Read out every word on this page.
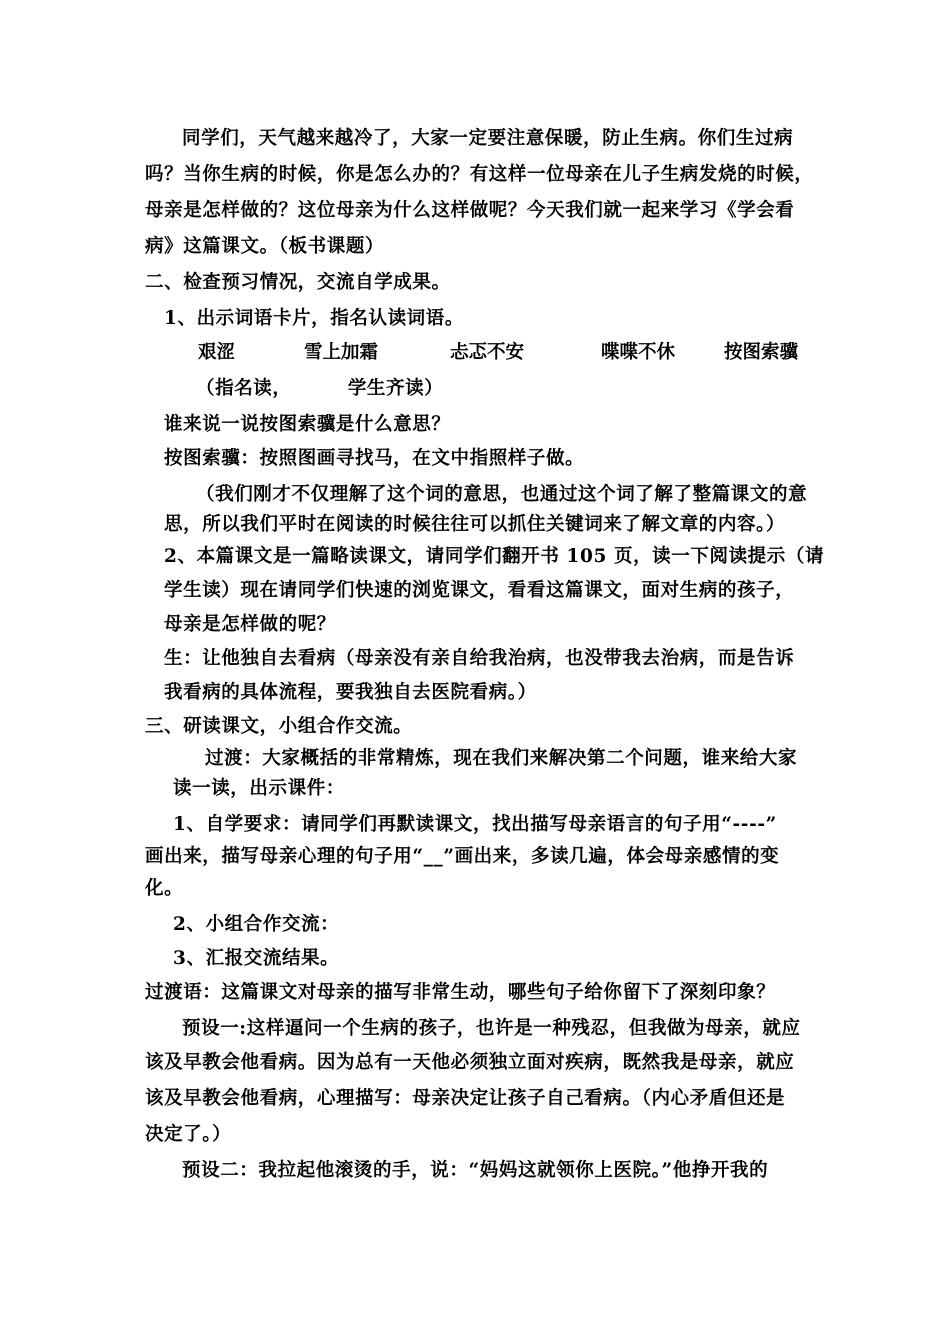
同学们，天气越来越冷了，大家一定要注意保暖，防止生病。你们生过病
吗？当你生病的时候，你是怎么办的？有这样一位母亲在儿子生病发烧的时候，
母亲是怎样做的？这位母亲为什么这样做呢？今天我们就一起来学习《学会看
病》这篇课文。（板书课题）
二、检查预习情况，交流自学成果。
1、出示词语卡片，指名认读词语。
艰涩	雪上加霜	忐忑不安	喋喋不休	按图索骥
（指名读，        学生齐读）
谁来说一说按图索骥是什么意思？
按图索骥：按照图画寻找马，在文中指照样子做。
（我们刚才不仅理解了这个词的意思，也通过这个词了解了整篇课文的意
思，所以我们平时在阅读的时候往往可以抓住关键词来了解文章的内容。）
2、本篇课文是一篇略读课文，请同学们翻开书 105 页，读一下阅读提示（请
学生读）现在请同学们快速的浏览课文，看看这篇课文，面对生病的孩子，
母亲是怎样做的呢？
生：让他独自去看病（母亲没有亲自给我治病，也没带我去治病，而是告诉
我看病的具体流程，要我独自去医院看病。）
三、研读课文，小组合作交流。
过渡：大家概括的非常精炼，现在我们来解决第二个问题，谁来给大家
读一读，出示课件：
1、自学要求：请同学们再默读课文，找出描写母亲语言的句子用“----”
画出来，描写母亲心理的句子用“__”画出来，多读几遍，体会母亲感情的变
化。
2、小组合作交流：
3、汇报交流结果。
过渡语：这篇课文对母亲的描写非常生动，哪些句子给你留下了深刻印象？
预设一:这样逼问一个生病的孩子，也许是一种残忍，但我做为母亲，就应
该及早教会他看病。因为总有一天他必须独立面对疾病，既然我是母亲，就应
该及早教会他看病，心理描写：母亲决定让孩子自己看病。（内心矛盾但还是
决定了。）
预设二：我拉起他滚烫的手，说：“妈妈这就领你上医院。”他挣开我的
